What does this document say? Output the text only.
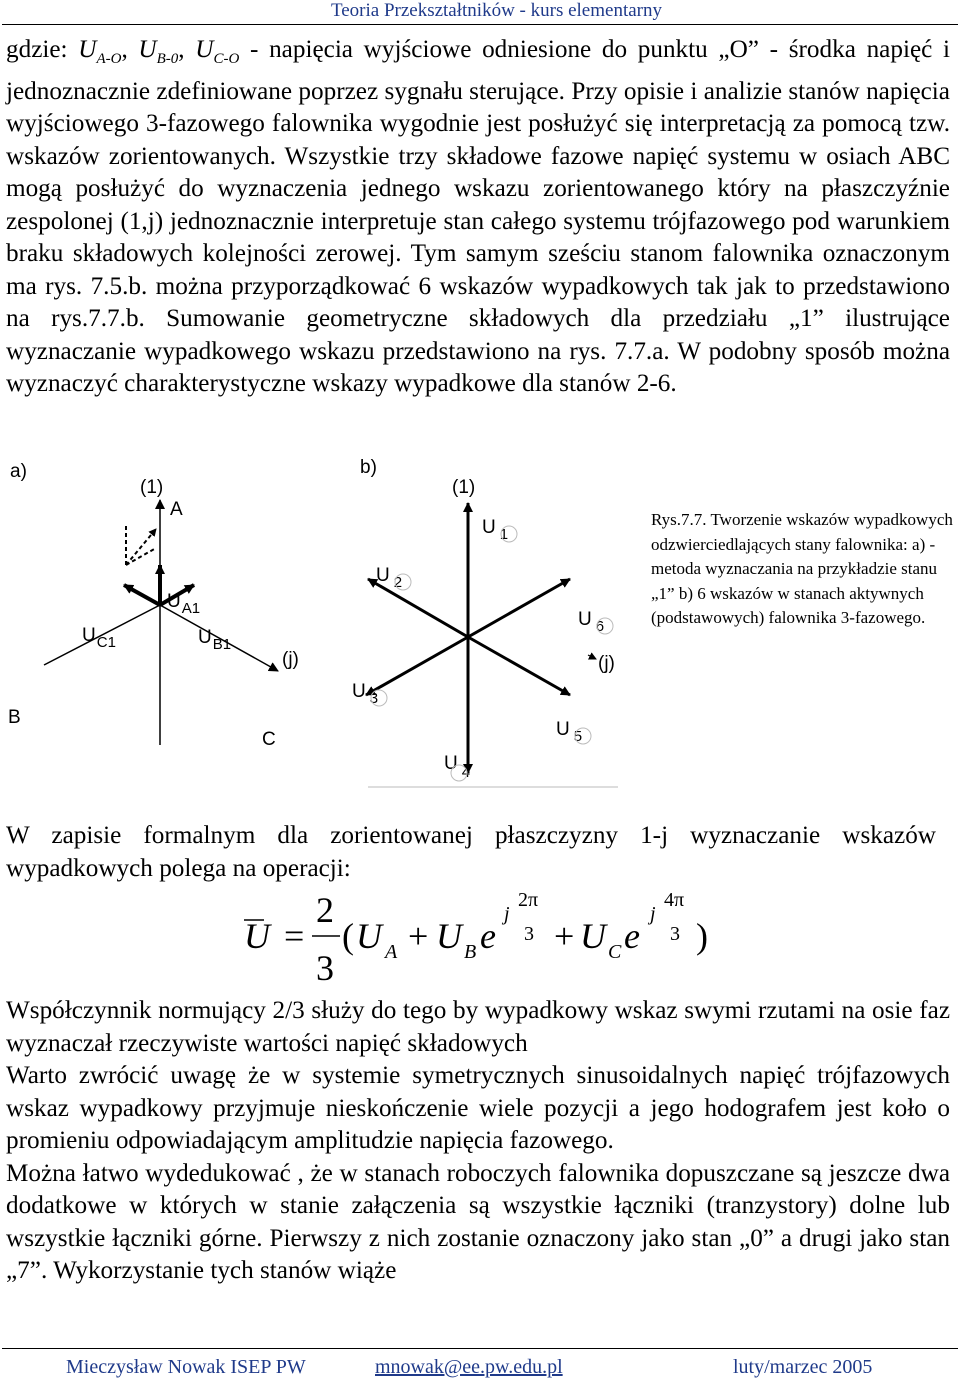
Teoria Przekształtników - kurs elementarny

gdzie: $U_{A-O}$, $U_{B-0}$, $U_{C-O}$ - napięcia wyjściowe odniesione do punktu „O” - środka napięć i jednoznacznie zdefiniowane poprzez sygnału sterujące. Przy opisie i analizie stanów napięcia wyjściowego 3-fazowego falownika wygodnie jest posłużyć się interpretacją za pomocą tzw. wskazów zorientowanych. Wszystkie trzy składowe fazowe napięć systemu w osiach ABC mogą posłużyć do wyznaczenia jednego wskazu zorientowanego który na płaszczyźnie zespolonej (1,j) jednoznacznie interpretuje stan całego systemu trójfazowego pod warunkiem braku składowych kolejności zerowej. Tym samym sześciu stanom falownika oznaczonym ma rys. 7.5.b. można przyporządkować 6 wskazów wypadkowych tak jak to przedstawiono na rys.7.7.b. Sumowanie geometryczne składowych dla przedziału „1” ilustrujące wyznaczanie wypadkowego wskazu przedstawiono na rys. 7.7.a. W podobny sposób można wyznaczyć charakterystyczne wskazy wypadkowe dla stanów 2-6.

a)
(1)
A
$U_{A1}$
$U_{C1}$	$U_{B1}$
(j)
B
C
b)
(1)
(j)
U $_1$
U $_2$
U $_3$
U $_4$
U $_5$
U $_6$

Rys.7.7. Tworzenie wskazów wypadkowych odzwierciedlających stany falownika: a) -metoda wyznaczania na przykładzie stanu „1” b) 6 wskazów w stanach aktywnych (podstawowych) falownika 3-fazowego.

W zapisie formalnym dla zorientowanej płaszczyzny 1-j wyznaczanie wskazów wypadkowych polega na operacji:

U =
2
3
( U A + U B e
j
2π
3 + U C e
j
4π
3 )

Współczynnik normujący 2/3 służy do tego by wypadkowy wskaz swymi rzutami na osie faz wyznaczał rzeczywiste wartości napięć składowych
Warto zwrócić uwagę że w systemie symetrycznych sinusoidalnych napięć trójfazowych wskaz wypadkowy przyjmuje nieskończenie wiele pozycji a jego hodografem jest koło o promieniu odpowiadającym amplitudzie napięcia fazowego.
Można łatwo wydedukować , że w stanach roboczych falownika dopuszczane są jeszcze dwa dodatkowe w których w stanie załączenia są wszystkie łączniki (tranzystory) dolne lub wszystkie łączniki górne. Pierwszy z nich zostanie oznaczony jako stan „0” a drugi jako stan „7”. Wykorzystanie tych stanów wiąże

Mieczysław Nowak ISEP PW	mnowak@ee.pw.edu.pl	luty/marzec 2005
